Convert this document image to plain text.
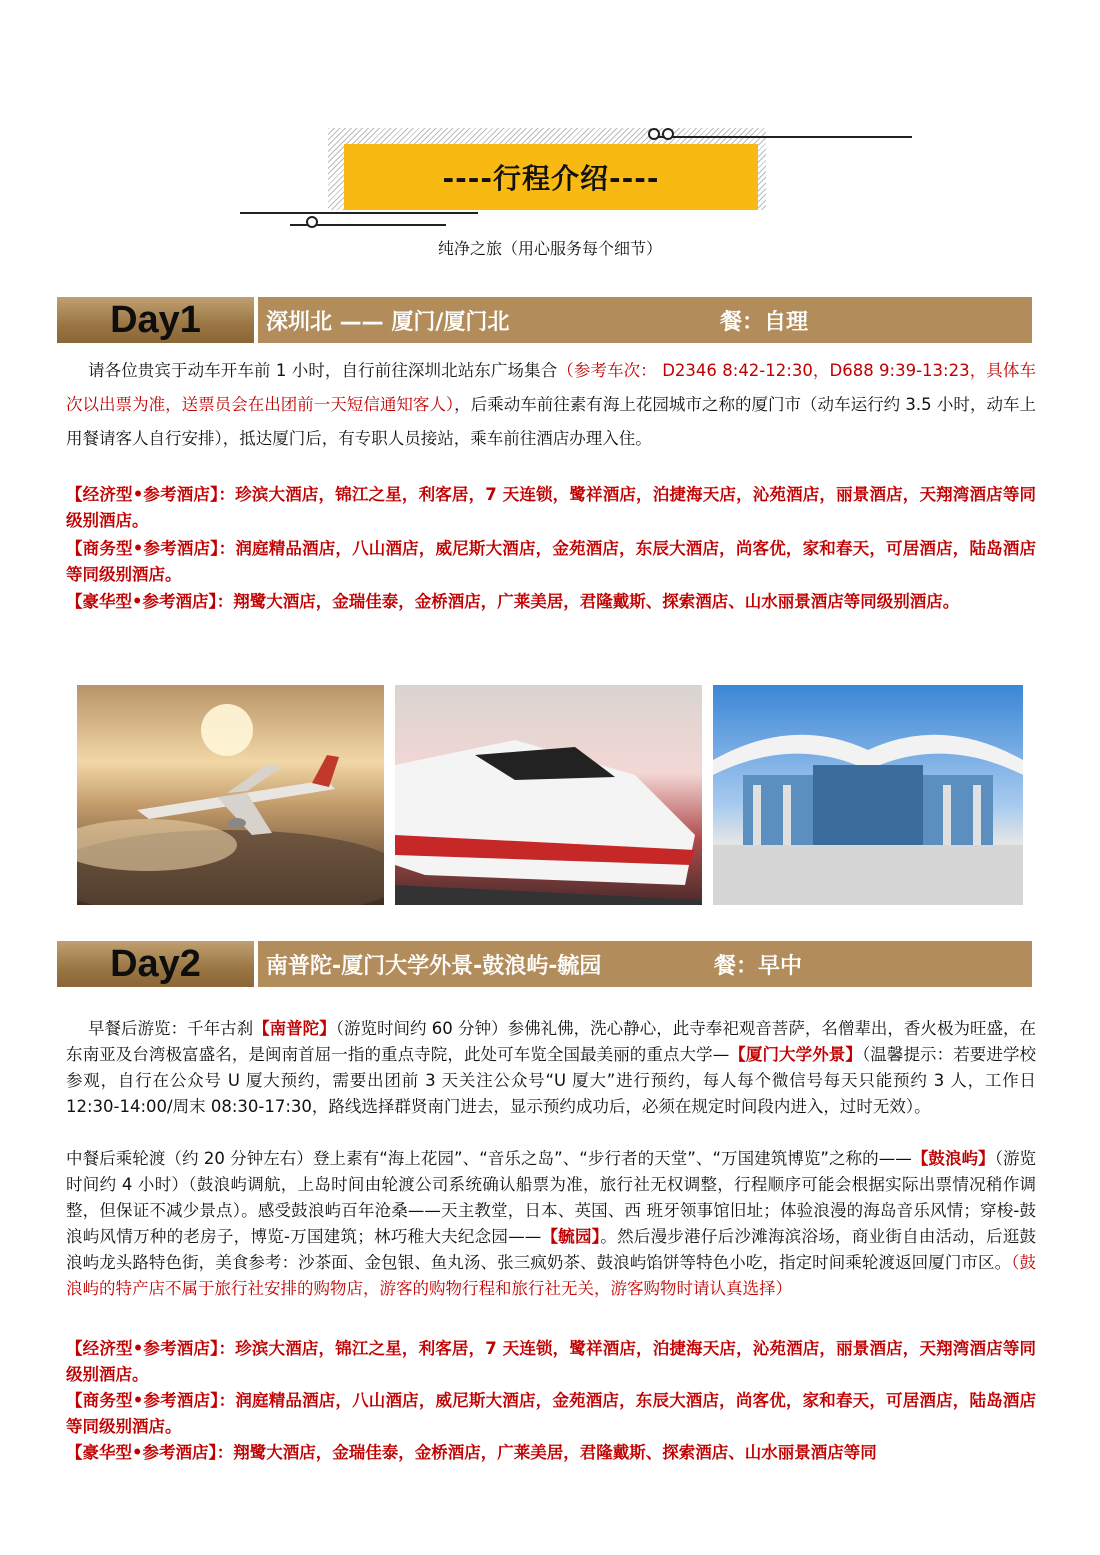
----行程介绍----
纯净之旅（用心服务每个细节）
Day1	深圳北 —— 厦门/厦门北	餐：自理
请各位贵宾于动车开车前 1 小时，自行前往深圳北站东广场集合（参考车次： D2346 8:42-12:30，D688 9:39-13:23，具体车次以出票为准，送票员会在出团前一天短信通知客人），后乘动车前往素有海上花园城市之称的厦门市（动车运行约 3.5 小时，动车上用餐请客人自行安排），抵达厦门后，有专职人员接站，乘车前往酒店办理入住。
【经济型•参考酒店】：珍滨大酒店，锦江之星，利客居，7 天连锁，鹭祥酒店，泊捷海天店，沁苑酒店，丽景酒店，天翔湾酒店等同级别酒店。
【商务型•参考酒店】：润庭精品酒店，八山酒店，威尼斯大酒店，金苑酒店，东辰大酒店，尚客优，家和春天，可居酒店，陆岛酒店等同级别酒店。
【豪华型•参考酒店】：翔鹭大酒店，金瑞佳泰，金桥酒店，广莱美居，君隆戴斯、探索酒店、山水丽景酒店等同级别酒店。
Day2	南普陀-厦门大学外景-鼓浪屿-毓园	餐：早中
早餐后游览：千年古刹【南普陀】（游览时间约 60 分钟）参佛礼佛，洗心静心，此寺奉祀观音菩萨，名僧辈出，香火极为旺盛，在东南亚及台湾极富盛名，是闽南首屈一指的重点寺院，此处可车览全国最美丽的重点大学—【厦门大学外景】（温馨提示：若要进学校参观，自行在公众号 U 厦大预约，需要出团前 3 天关注公众号“U 厦大”进行预约，每人每个微信号每天只能预约 3 人，工作日 12:30-14:00/周末 08:30-17:30，路线选择群贤南门进去，显示预约成功后，必须在规定时间段内进入，过时无效）。
中餐后乘轮渡（约 20 分钟左右）登上素有“海上花园”、“音乐之岛”、“步行者的天堂”、“万国建筑博览”之称的——【鼓浪屿】（游览时间约 4 小时）（鼓浪屿调航，上岛时间由轮渡公司系统确认船票为准，旅行社无权调整，行程顺序可能会根据实际出票情况稍作调整，但保证不减少景点）。感受鼓浪屿百年沧桑——天主教堂，日本、英国、西 班牙领事馆旧址；体验浪漫的海岛音乐风情；穿梭-鼓浪屿风情万种的老房子，博览-万国建筑；林巧稚大夫纪念园——【毓园】。然后漫步港仔后沙滩海滨浴场，商业街自由活动，后逛鼓浪屿龙头路特色街，美食参考：沙茶面、金包银、鱼丸汤、张三疯奶茶、鼓浪屿馅饼等特色小吃，指定时间乘轮渡返回厦门市区。（鼓浪屿的特产店不属于旅行社安排的购物店，游客的购物行程和旅行社无关，游客购物时请认真选择）
【经济型•参考酒店】：珍滨大酒店，锦江之星，利客居，7 天连锁，鹭祥酒店，泊捷海天店，沁苑酒店，丽景酒店，天翔湾酒店等同级别酒店。
【商务型•参考酒店】：润庭精品酒店，八山酒店，威尼斯大酒店，金苑酒店，东辰大酒店，尚客优，家和春天，可居酒店，陆岛酒店等同级别酒店。
【豪华型•参考酒店】：翔鹭大酒店，金瑞佳泰，金桥酒店，广莱美居，君隆戴斯、探索酒店、山水丽景酒店等同
